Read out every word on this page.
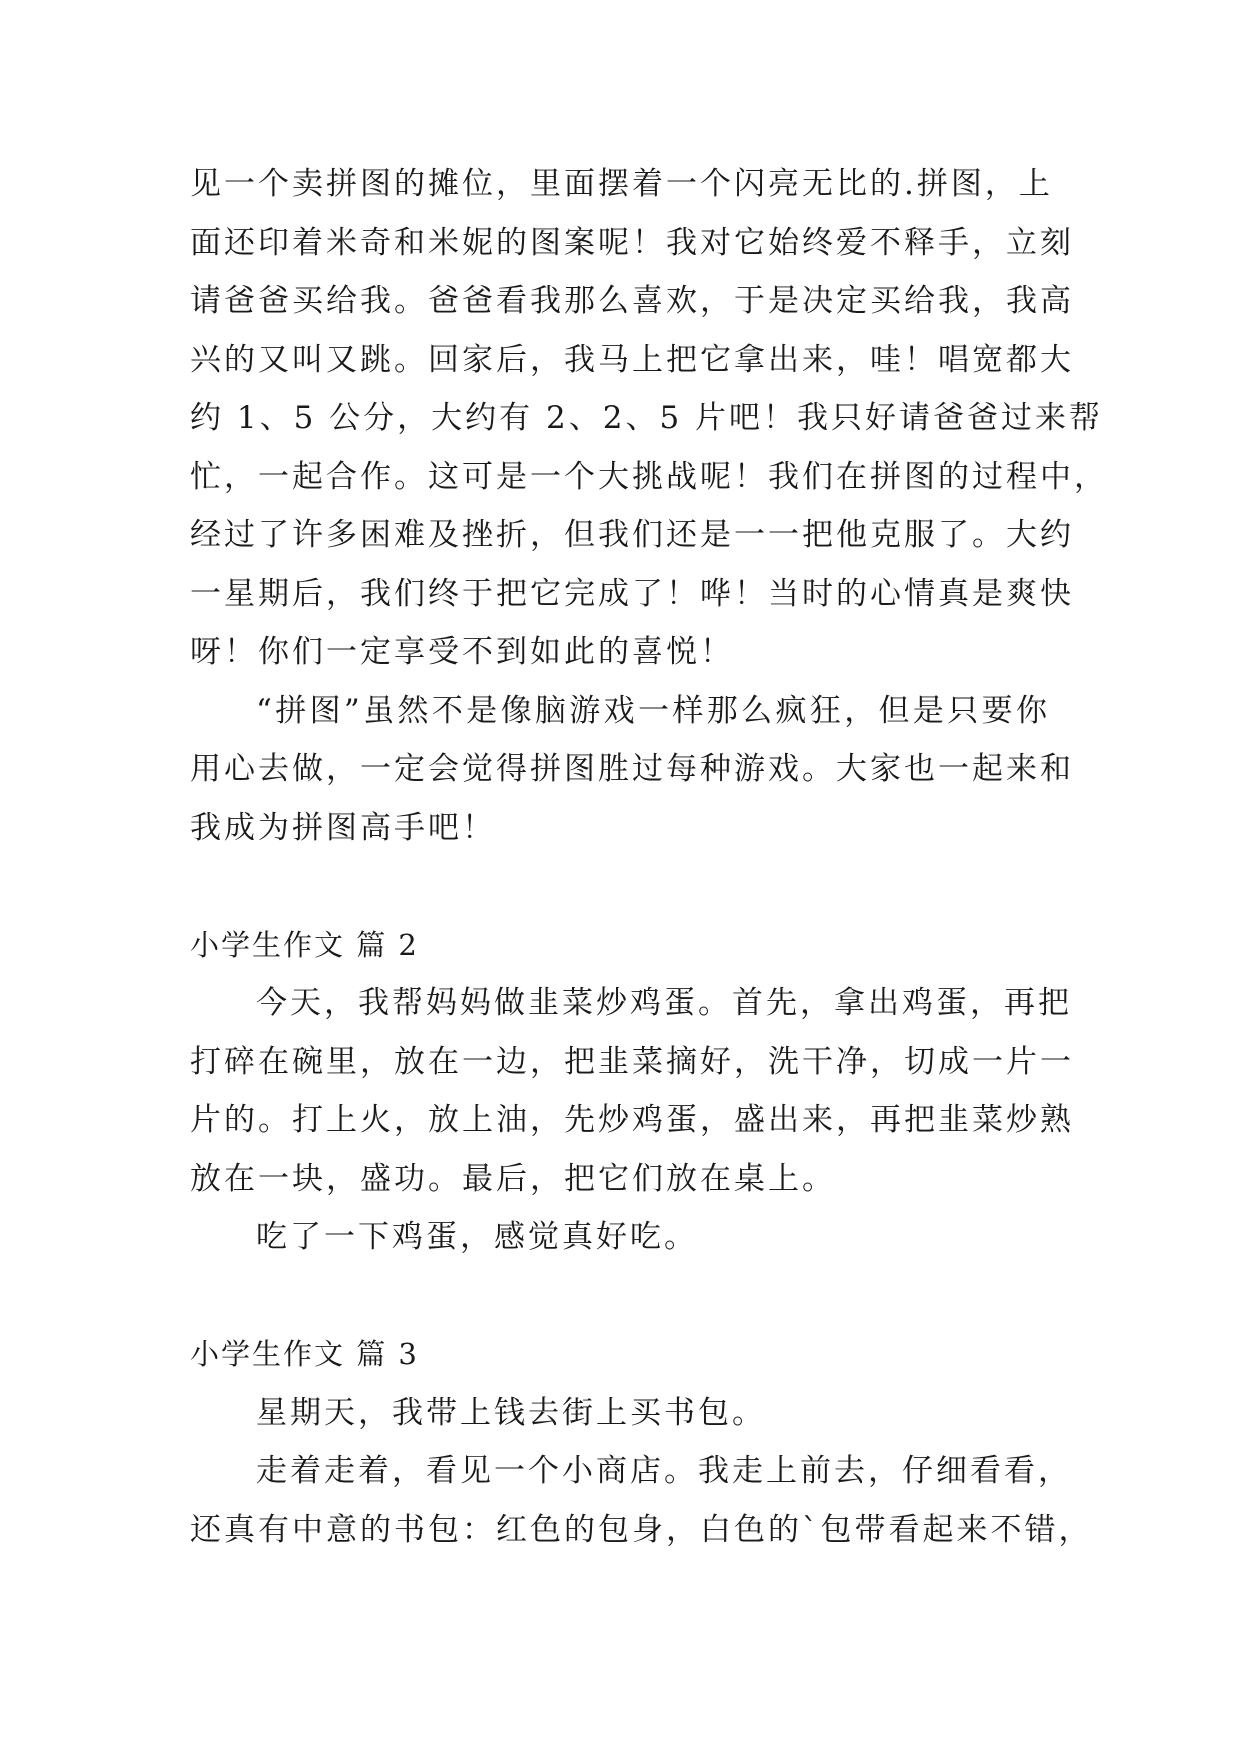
见一个卖拼图的摊位，里面摆着一个闪亮无比的.拼图，上
面还印着米奇和米妮的图案呢！我对它始终爱不释手，立刻
请爸爸买给我。爸爸看我那么喜欢，于是决定买给我，我高
兴的又叫又跳。回家后，我马上把它拿出来，哇！唱宽都大
约 1、5 公分，大约有 2、2、5 片吧！我只好请爸爸过来帮
忙，一起合作。这可是一个大挑战呢！我们在拼图的过程中，
经过了许多困难及挫折，但我们还是一一把他克服了。大约
一星期后，我们终于把它完成了！哗！当时的心情真是爽快
呀！你们一定享受不到如此的喜悦！
“拼图”虽然不是像脑游戏一样那么疯狂，但是只要你
用心去做，一定会觉得拼图胜过每种游戏。大家也一起来和
我成为拼图高手吧！
小学生作文 篇 2
今天，我帮妈妈做韭菜炒鸡蛋。首先，拿出鸡蛋，再把
打碎在碗里，放在一边，把韭菜摘好，洗干净，切成一片一
片的。打上火，放上油，先炒鸡蛋，盛出来，再把韭菜炒熟
放在一块，盛功。最后，把它们放在桌上。
吃了一下鸡蛋，感觉真好吃。
小学生作文 篇 3
星期天，我带上钱去街上买书包。
走着走着，看见一个小商店。我走上前去，仔细看看，
还真有中意的书包：红色的包身，白色的`包带看起来不错，
